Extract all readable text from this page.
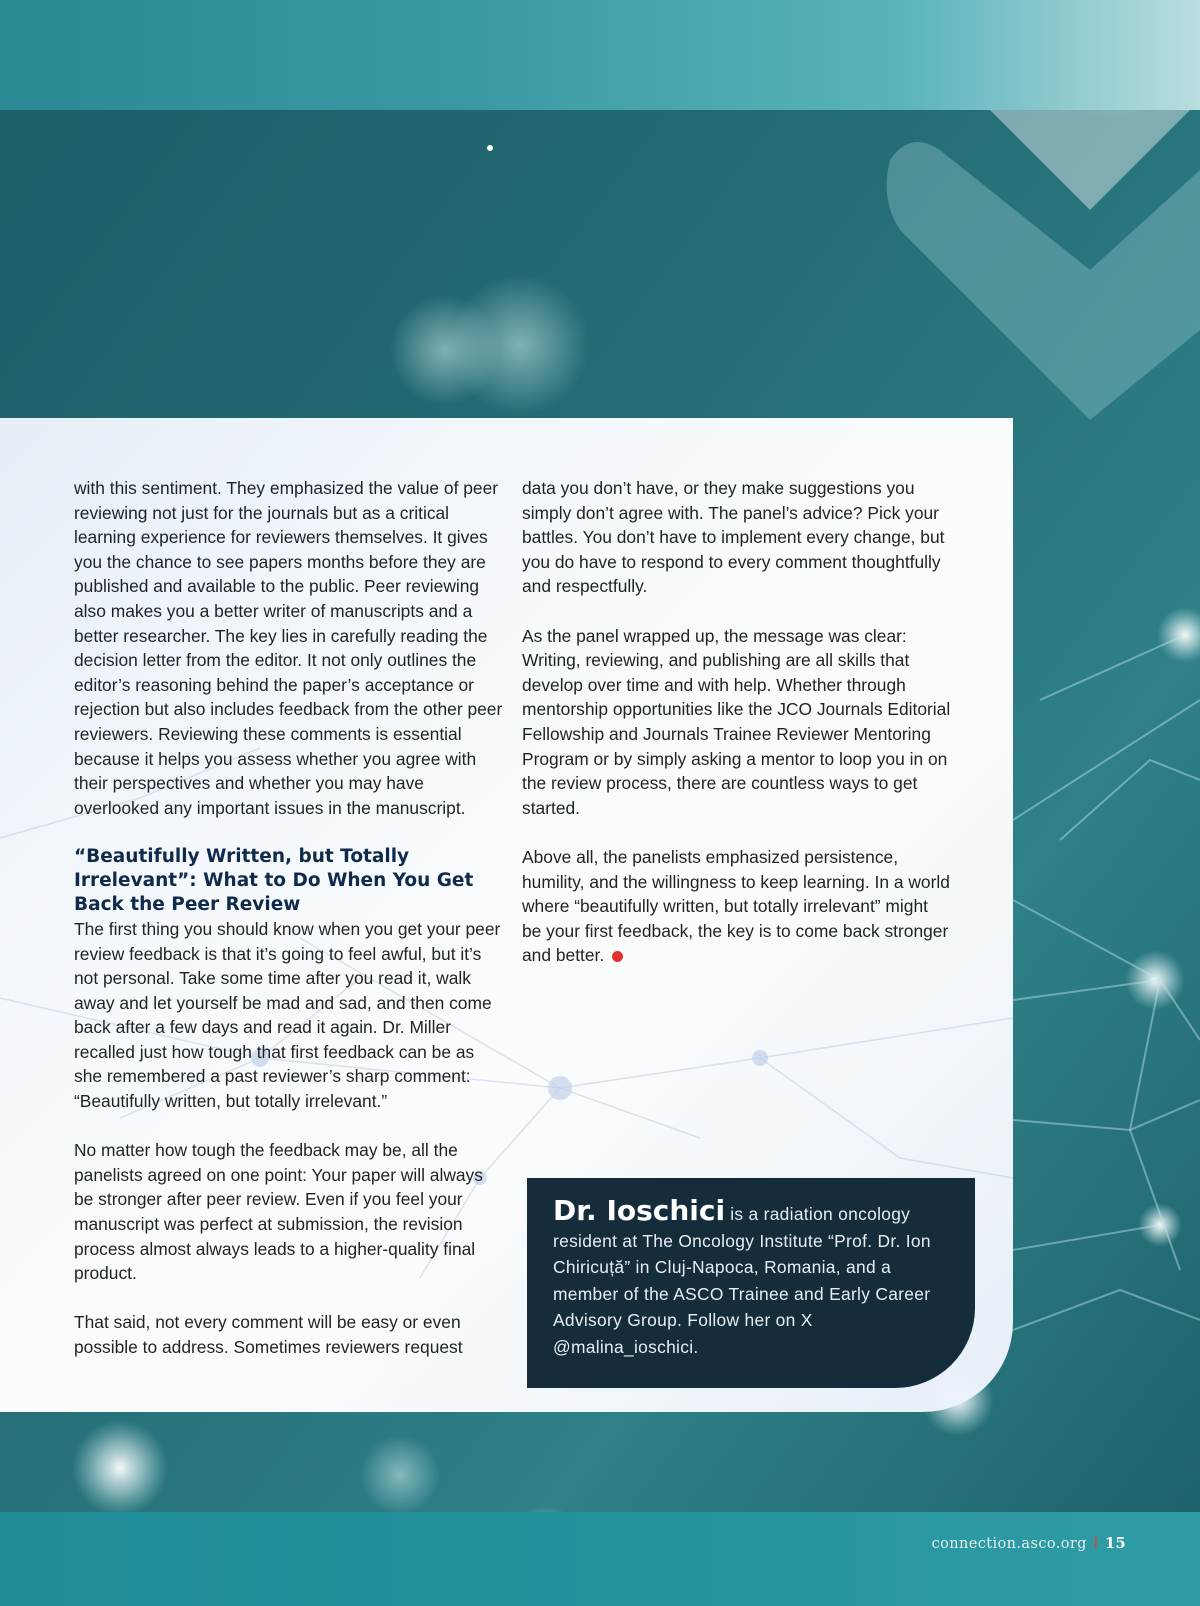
with this sentiment. They emphasized the value of peer reviewing not just for the journals but as a critical learning experience for reviewers themselves. It gives you the chance to see papers months before they are published and available to the public. Peer reviewing also makes you a better writer of manuscripts and a better researcher. The key lies in carefully reading the decision letter from the editor. It not only outlines the editor’s reasoning behind the paper’s acceptance or rejection but also includes feedback from the other peer reviewers. Reviewing these comments is essential because it helps you assess whether you agree with their perspectives and whether you may have overlooked any important issues in the manuscript.

“Beautifully Written, but Totally Irrelevant”: What to Do When You Get Back the Peer Review

The first thing you should know when you get your peer review feedback is that it’s going to feel awful, but it’s not personal. Take some time after you read it, walk away and let yourself be mad and sad, and then come back after a few days and read it again. Dr. Miller recalled just how tough that first feedback can be as she remembered a past reviewer’s sharp comment: “Beautifully written, but totally irrelevant.”

No matter how tough the feedback may be, all the panelists agreed on one point: Your paper will always be stronger after peer review. Even if you feel your manuscript was perfect at submission, the revision process almost always leads to a higher-quality final product.

That said, not every comment will be easy or even possible to address. Sometimes reviewers request

data you don’t have, or they make suggestions you simply don’t agree with. The panel’s advice? Pick your battles. You don’t have to implement every change, but you do have to respond to every comment thoughtfully and respectfully.

As the panel wrapped up, the message was clear: Writing, reviewing, and publishing are all skills that develop over time and with help. Whether through mentorship opportunities like the JCO Journals Editorial Fellowship and Journals Trainee Reviewer Mentoring Program or by simply asking a mentor to loop you in on the review process, there are countless ways to get started.

Above all, the panelists emphasized persistence, humility, and the willingness to keep learning. In a world where “beautifully written, but totally irrelevant” might be your first feedback, the key is to come back stronger and better.

Dr. Ioschici is a radiation oncology resident at The Oncology Institute “Prof. Dr. Ion Chiricuță” in Cluj-Napoca, Romania, and a member of the ASCO Trainee and Early Career Advisory Group. Follow her on X @malina_ioschici.
connection.asco.org I 15
